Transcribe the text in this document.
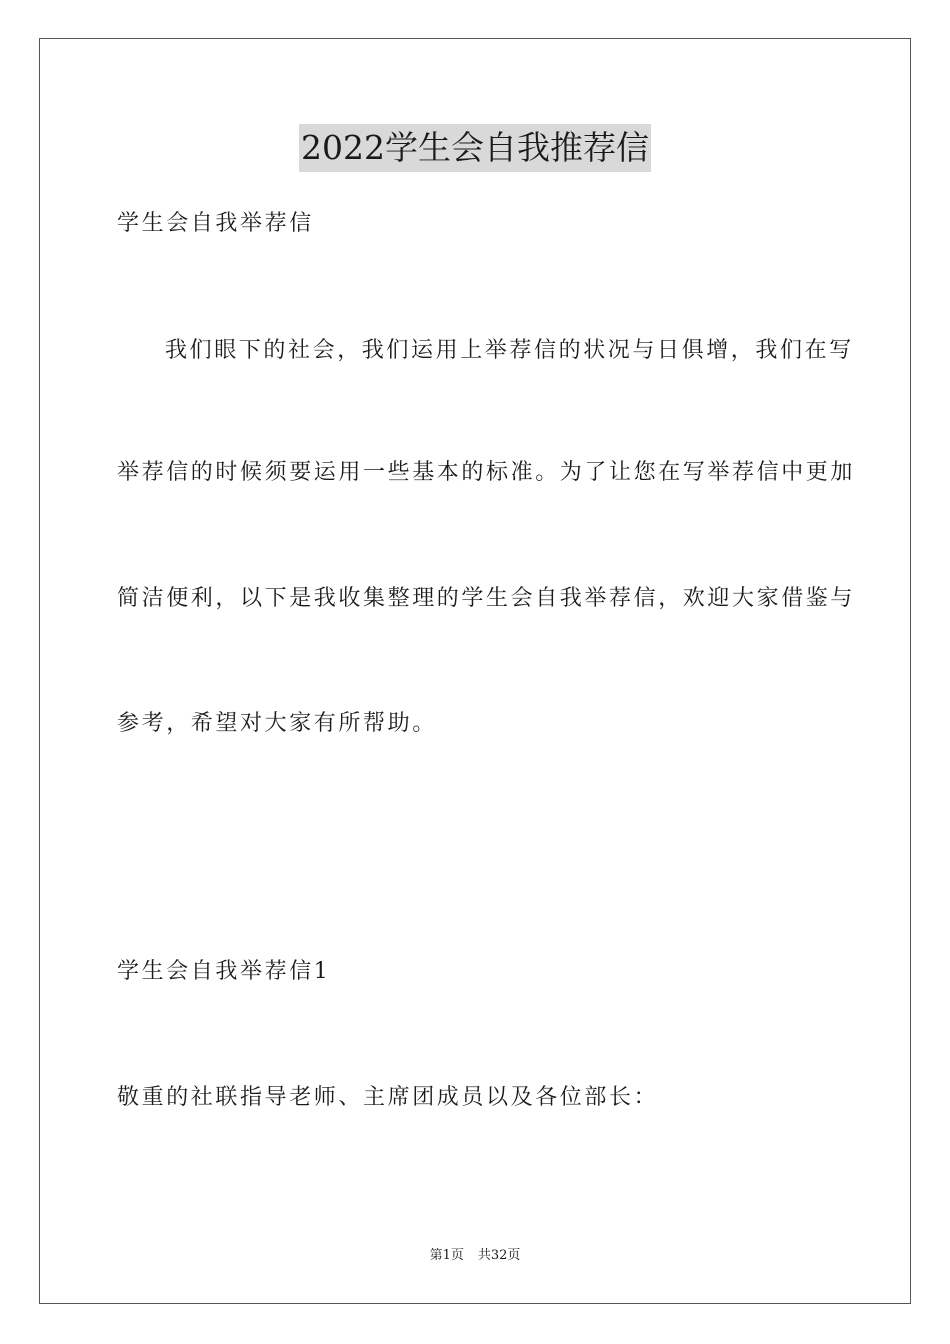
2022学生会自我推荐信
学生会自我举荐信
我们眼下的社会，我们运用上举荐信的状况与日俱增，我们在写
举荐信的时候须要运用一些基本的标准。为了让您在写举荐信中更加
简洁便利，以下是我收集整理的学生会自我举荐信，欢迎大家借鉴与
参考，希望对大家有所帮助。
学生会自我举荐信1
敬重的社联指导老师、主席团成员以及各位部长：
第1页 共32页
